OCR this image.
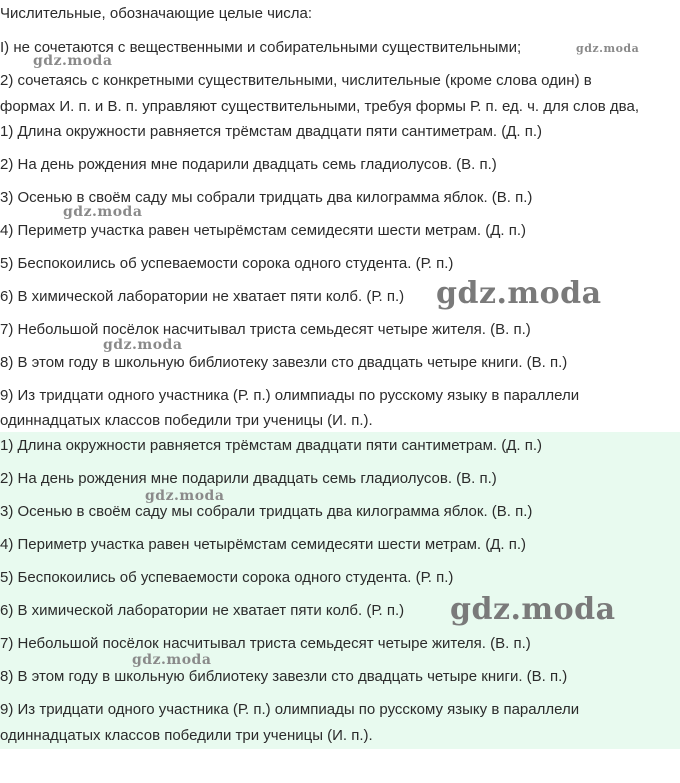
Числительные, обозначающие целые числа:
I) не сочетаются с вещественными и собирательными существительными;
2) сочетаясь с конкретными существительными, числительные (кроме слова один) в
формах И. п. и В. п. управляют существительными, требуя формы Р. п. ед. ч. для слов два,
1) Длина окружности равняется трёмстам двадцати пяти сантиметрам. (Д. п.)
2) На день рождения мне подарили двадцать семь гладиолусов. (В. п.)
3) Осенью в своём саду мы собрали тридцать два килограмма яблок. (В. п.)
4) Периметр участка равен четырёмстам семидесяти шести метрам. (Д. п.)
5) Беспокоились об успеваемости сорока одного студента. (Р. п.)
6) В химической лаборатории не хватает пяти колб. (Р. п.)
7) Небольшой посёлок насчитывал триста семьдесят четыре жителя. (В. п.)
8) В этом году в школьную библиотеку завезли сто двадцать четыре книги. (В. п.)
9) Из тридцати одного участника (Р. п.) олимпиады по русскому языку в параллели
одиннадцатых классов победили три ученицы (И. п.).
1) Длина окружности равняется трёмстам двадцати пяти сантиметрам. (Д. п.)
2) На день рождения мне подарили двадцать семь гладиолусов. (В. п.)
3) Осенью в своём саду мы собрали тридцать два килограмма яблок. (В. п.)
4) Периметр участка равен четырёмстам семидесяти шести метрам. (Д. п.)
5) Беспокоились об успеваемости сорока одного студента. (Р. п.)
6) В химической лаборатории не хватает пяти колб. (Р. п.)
7) Небольшой посёлок насчитывал триста семьдесят четыре жителя. (В. п.)
8) В этом году в школьную библиотеку завезли сто двадцать четыре книги. (В. п.)
9) Из тридцати одного участника (Р. п.) олимпиады по русскому языку в параллели
одиннадцатых классов победили три ученицы (И. п.).
gdz.moda
gdz.moda
gdz.moda
gdz.moda
gdz.moda
gdz.moda
gdz.moda
gdz.moda
